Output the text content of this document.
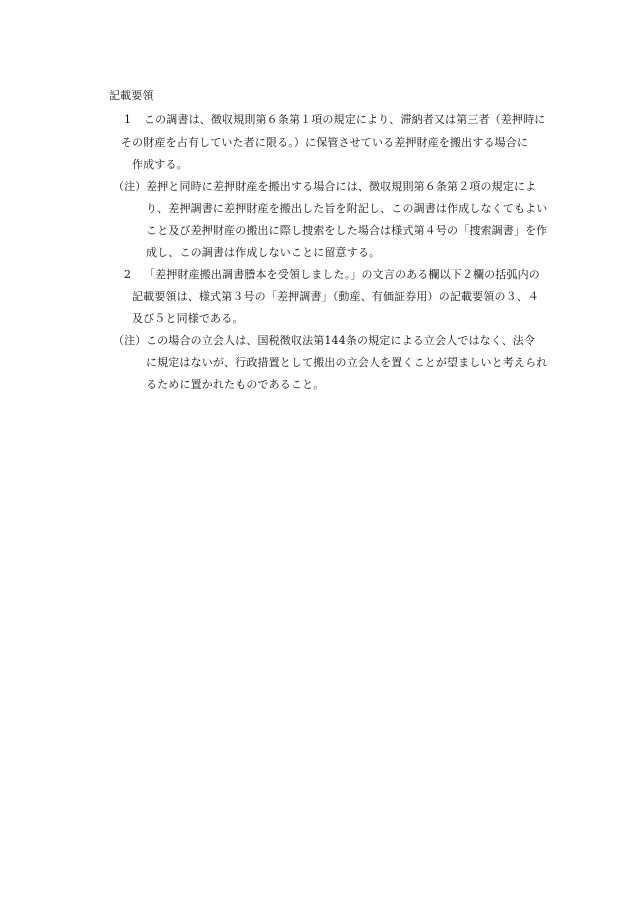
記載要領
1 この調書は、徴収規則第６条第１項の規定により、滞納者又は第三者（差押時に
その財産を占有していた者に限る。）に保管させている差押財産を搬出する場合に
作成する。
（注） 差押と同時に差押財産を搬出する場合には、徴収規則第６条第２項の規定によ
り、差押調書に差押財産を搬出した旨を附記し、この調書は作成しなくてもよい
こと及び差押財産の搬出に際し捜索をした場合は様式第４号の「捜索調書」を作
成し、この調書は作成しないことに留意する。
2 「差押財産搬出調書謄本を受領しました。」の文言のある欄以下２欄の括弧内の
記載要領は、様式第３号の「差押調書」（動産、有価証券用）の記載要領の３、４
及び５と同様である。
（注） この場合の立会人は、国税徴収法第144条の規定による立会人ではなく、法令
に規定はないが、行政措置として搬出の立会人を置くことが望ましいと考えられ
るために置かれたものであること。
